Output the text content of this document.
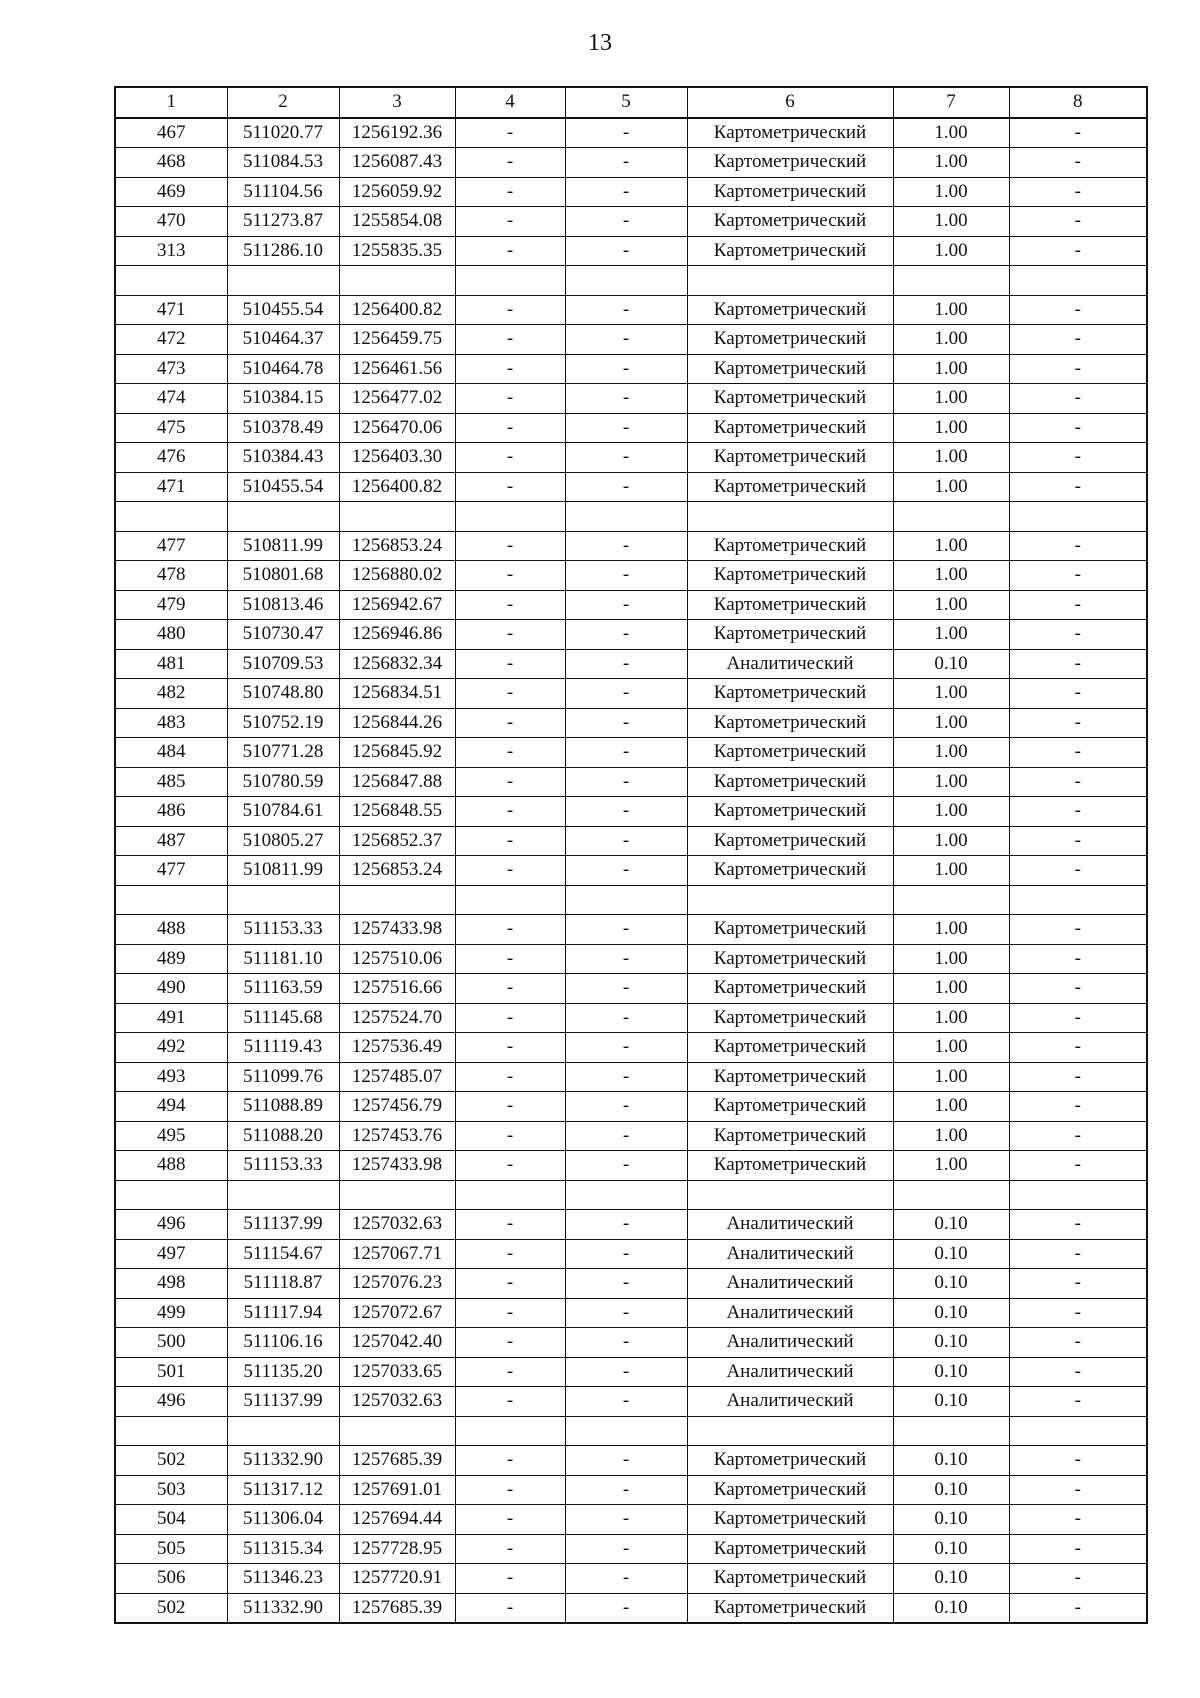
13
1	2	3	4	5	6	7	8
467	511020.77	1256192.36	-	-	Картометрический	1.00	-
468	511084.53	1256087.43	-	-	Картометрический	1.00	-
469	511104.56	1256059.92	-	-	Картометрический	1.00	-
470	511273.87	1255854.08	-	-	Картометрический	1.00	-
313	511286.10	1255835.35	-	-	Картометрический	1.00	-

471	510455.54	1256400.82	-	-	Картометрический	1.00	-
472	510464.37	1256459.75	-	-	Картометрический	1.00	-
473	510464.78	1256461.56	-	-	Картометрический	1.00	-
474	510384.15	1256477.02	-	-	Картометрический	1.00	-
475	510378.49	1256470.06	-	-	Картометрический	1.00	-
476	510384.43	1256403.30	-	-	Картометрический	1.00	-
471	510455.54	1256400.82	-	-	Картометрический	1.00	-

477	510811.99	1256853.24	-	-	Картометрический	1.00	-
478	510801.68	1256880.02	-	-	Картометрический	1.00	-
479	510813.46	1256942.67	-	-	Картометрический	1.00	-
480	510730.47	1256946.86	-	-	Картометрический	1.00	-
481	510709.53	1256832.34	-	-	Аналитический	0.10	-
482	510748.80	1256834.51	-	-	Картометрический	1.00	-
483	510752.19	1256844.26	-	-	Картометрический	1.00	-
484	510771.28	1256845.92	-	-	Картометрический	1.00	-
485	510780.59	1256847.88	-	-	Картометрический	1.00	-
486	510784.61	1256848.55	-	-	Картометрический	1.00	-
487	510805.27	1256852.37	-	-	Картометрический	1.00	-
477	510811.99	1256853.24	-	-	Картометрический	1.00	-

488	511153.33	1257433.98	-	-	Картометрический	1.00	-
489	511181.10	1257510.06	-	-	Картометрический	1.00	-
490	511163.59	1257516.66	-	-	Картометрический	1.00	-
491	511145.68	1257524.70	-	-	Картометрический	1.00	-
492	511119.43	1257536.49	-	-	Картометрический	1.00	-
493	511099.76	1257485.07	-	-	Картометрический	1.00	-
494	511088.89	1257456.79	-	-	Картометрический	1.00	-
495	511088.20	1257453.76	-	-	Картометрический	1.00	-
488	511153.33	1257433.98	-	-	Картометрический	1.00	-

496	511137.99	1257032.63	-	-	Аналитический	0.10	-
497	511154.67	1257067.71	-	-	Аналитический	0.10	-
498	511118.87	1257076.23	-	-	Аналитический	0.10	-
499	511117.94	1257072.67	-	-	Аналитический	0.10	-
500	511106.16	1257042.40	-	-	Аналитический	0.10	-
501	511135.20	1257033.65	-	-	Аналитический	0.10	-
496	511137.99	1257032.63	-	-	Аналитический	0.10	-

502	511332.90	1257685.39	-	-	Картометрический	0.10	-
503	511317.12	1257691.01	-	-	Картометрический	0.10	-
504	511306.04	1257694.44	-	-	Картометрический	0.10	-
505	511315.34	1257728.95	-	-	Картометрический	0.10	-
506	511346.23	1257720.91	-	-	Картометрический	0.10	-
502	511332.90	1257685.39	-	-	Картометрический	0.10	-
